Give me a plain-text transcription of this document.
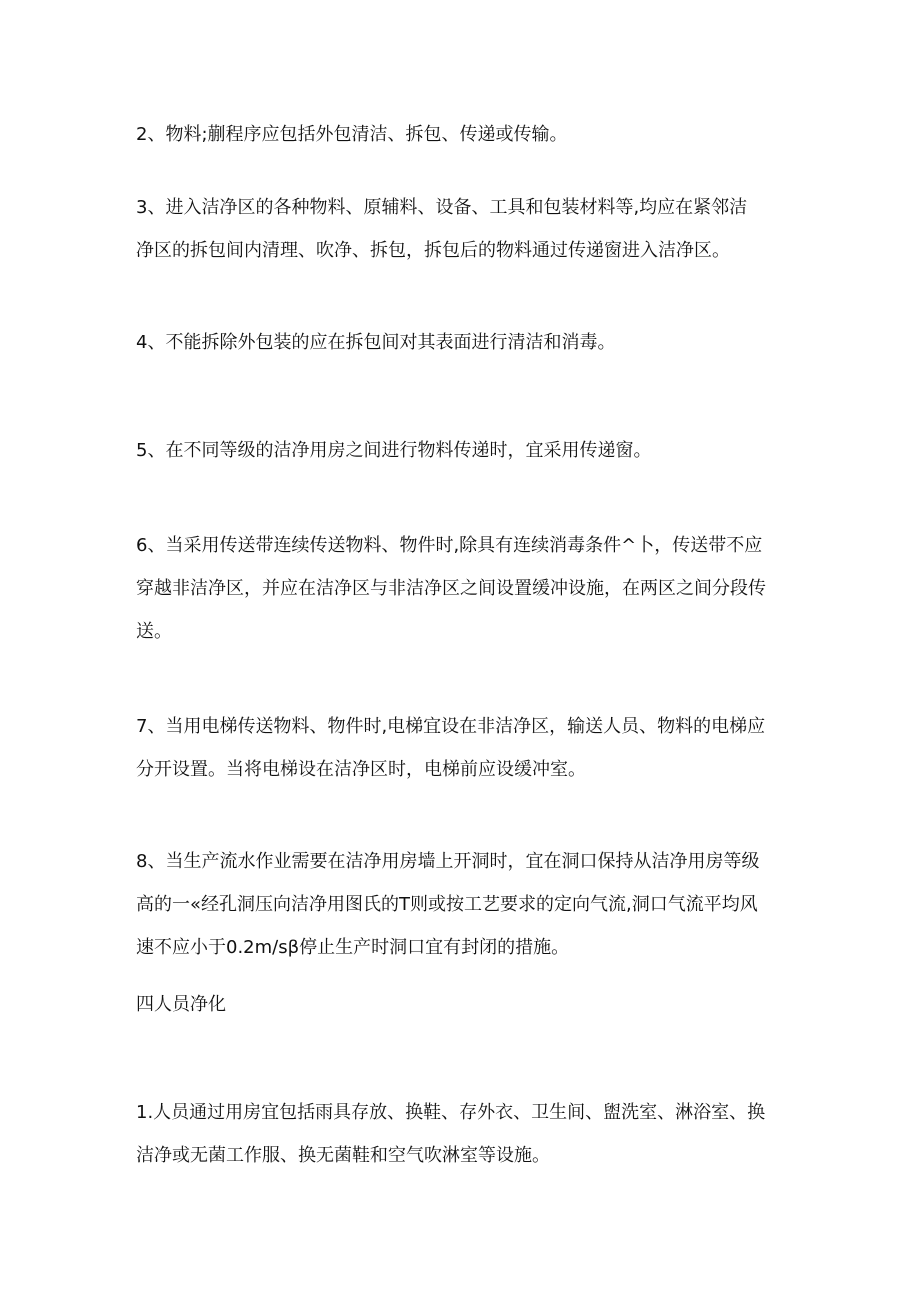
2、物料;蒯程序应包括外包清洁、拆包、传递或传输。
3、进入洁净区的各种物料、原辅料、设备、工具和包装材料等,均应在紧邻洁
净区的拆包间内清理、吹净、拆包，拆包后的物料通过传递窗进入洁净区。
4、不能拆除外包装的应在拆包间对其表面进行清洁和消毒。
5、在不同等级的洁净用房之间进行物料传递时，宜采用传递窗。
6、当采用传送带连续传送物料、物件时,除具有连续消毒条件^卜，传送带不应
穿越非洁净区，并应在洁净区与非洁净区之间设置缓冲设施，在两区之间分段传
送。
7、当用电梯传送物料、物件时,电梯宜设在非洁净区，输送人员、物料的电梯应
分开设置。当将电梯设在洁净区时，电梯前应设缓冲室。
8、当生产流水作业需要在洁净用房墙上开洞时，宜在洞口保持从洁净用房等级
高的一«经孔洞压向洁净用图氏的T则或按工艺要求的定向气流,洞口气流平均风
速不应小于0.2m∕sβ停止生产时洞口宜有封闭的措施。
四人员净化
1.人员通过用房宜包括雨具存放、换鞋、存外衣、卫生间、盥洗室、淋浴室、换
洁净或无菌工作服、换无菌鞋和空气吹淋室等设施。
